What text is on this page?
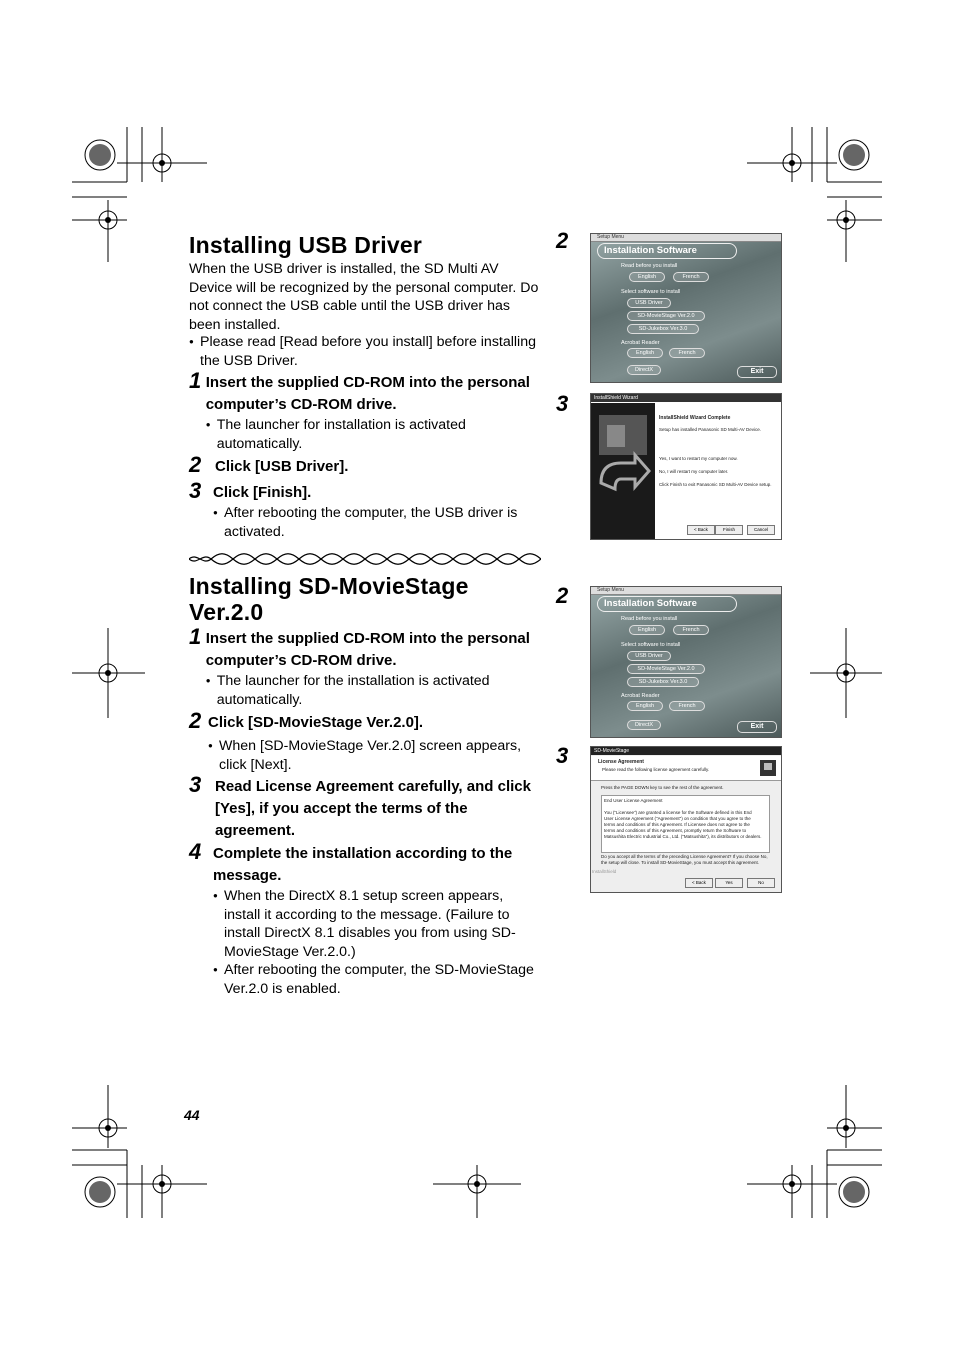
Installing USB Driver
When the USB driver is installed, the SD Multi AV Device will be recognized by the personal computer. Do not connect the USB cable until the USB driver has been installed.
● Please read [Read before you install] before installing the USB Driver.
1 Insert the supplied CD-ROM into the personal computer’s CD-ROM drive.
● The launcher for installation is activated automatically.
2 Click [USB Driver].
3 Click [Finish].
● After rebooting the computer, the USB driver is activated.
Installing SD-MovieStage Ver.2.0
1 Insert the supplied CD-ROM into the personal computer’s CD-ROM drive.
● The launcher for the installation is activated automatically.
2 Click [SD-MovieStage Ver.2.0].
● When [SD-MovieStage Ver.2.0] screen appears, click [Next].
3 Read License Agreement carefully, and click [Yes], if you accept the terms of the agreement.
4 Complete the installation according to the message.
● When the DirectX 8.1 setup screen appears, install it according to the message. (Failure to install DirectX 8.1 disables you from using SD-MovieStage Ver.2.0.)
● After rebooting the computer, the SD-MovieStage Ver.2.0 is enabled.
44
2
3
2
3
Setup Menu
Installation Software
Read before you install
English	French
Select software to install
USB Driver
SD-MovieStage Ver.2.0
SD-Jukebox Ver.3.0
Acrobat Reader
English	French
DirectX	Exit
InstallShield Wizard
InstallShield Wizard Complete
Setup has installed Panasonic SD Multi-AV Device.
Yes, I want to restart my computer now.
No, I will restart my computer later.
Click Finish to exit Panasonic SD Multi-AV Device setup.
< Back	Finish	Cancel
Setup Menu
Installation Software
Read before you install
English	French
Select software to install
USB Driver
SD-MovieStage Ver.2.0
SD-Jukebox Ver.3.0
Acrobat Reader
English	French
DirectX	Exit
SD-MovieStage
License Agreement
Please read the following license agreement carefully.
Press the PAGE DOWN key to see the rest of the agreement.
End User License Agreement
You ("Licensee") are granted a license for the Software defined in this End User License Agreement ("Agreement") on condition that you agree to the terms and conditions of this Agreement. If Licensee does not agree to the terms and conditions of this Agreement, promptly return the Software to Matsushita Electric Industrial Co., Ltd. ("Matsushita"), its distributors or dealers.
Do you accept all the terms of the preceding License Agreement? If you choose No, the setup will close. To install SD-MovieStage, you must accept this agreement.
InstallShield
< Back	Yes	No
